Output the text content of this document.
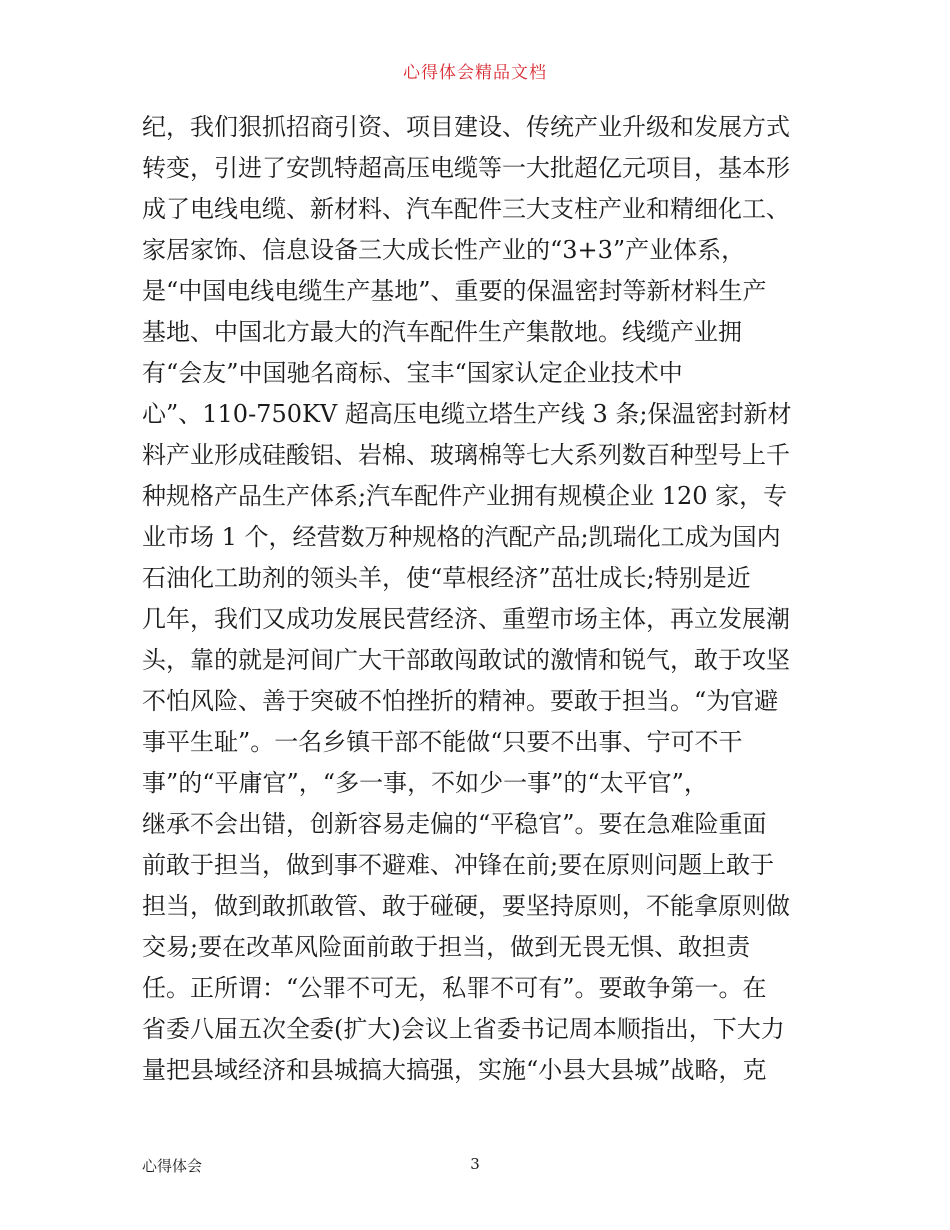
心得体会精品文档
纪，我们狠抓招商引资、项目建设、传统产业升级和发展方式
转变，引进了安凯特超高压电缆等一大批超亿元项目，基本形
成了电线电缆、新材料、汽车配件三大支柱产业和精细化工、
家居家饰、信息设备三大成长性产业的“3+3”产业体系，
是“中国电线电缆生产基地”、重要的保温密封等新材料生产
基地、中国北方最大的汽车配件生产集散地。线缆产业拥
有“会友”中国驰名商标、宝丰“国家认定企业技术中
心”、110-750KV 超高压电缆立塔生产线 3 条;保温密封新材
料产业形成硅酸铝、岩棉、玻璃棉等七大系列数百种型号上千
种规格产品生产体系;汽车配件产业拥有规模企业 120 家，专
业市场 1 个，经营数万种规格的汽配产品;凯瑞化工成为国内
石油化工助剂的领头羊，使“草根经济”茁壮成长;特别是近
几年，我们又成功发展民营经济、重塑市场主体，再立发展潮
头，靠的就是河间广大干部敢闯敢试的激情和锐气，敢于攻坚
不怕风险、善于突破不怕挫折的精神。要敢于担当。“为官避
事平生耻”。一名乡镇干部不能做“只要不出事、宁可不干
事”的“平庸官”，“多一事，不如少一事”的“太平官”，
继承不会出错，创新容易走偏的“平稳官”。要在急难险重面
前敢于担当，做到事不避难、冲锋在前;要在原则问题上敢于
担当，做到敢抓敢管、敢于碰硬，要坚持原则，不能拿原则做
交易;要在改革风险面前敢于担当，做到无畏无惧、敢担责
任。正所谓：“公罪不可无，私罪不可有”。要敢争第一。在
省委八届五次全委(扩大)会议上省委书记周本顺指出，下大力
量把县域经济和县城搞大搞强，实施“小县大县城”战略，克
心得体会	3
